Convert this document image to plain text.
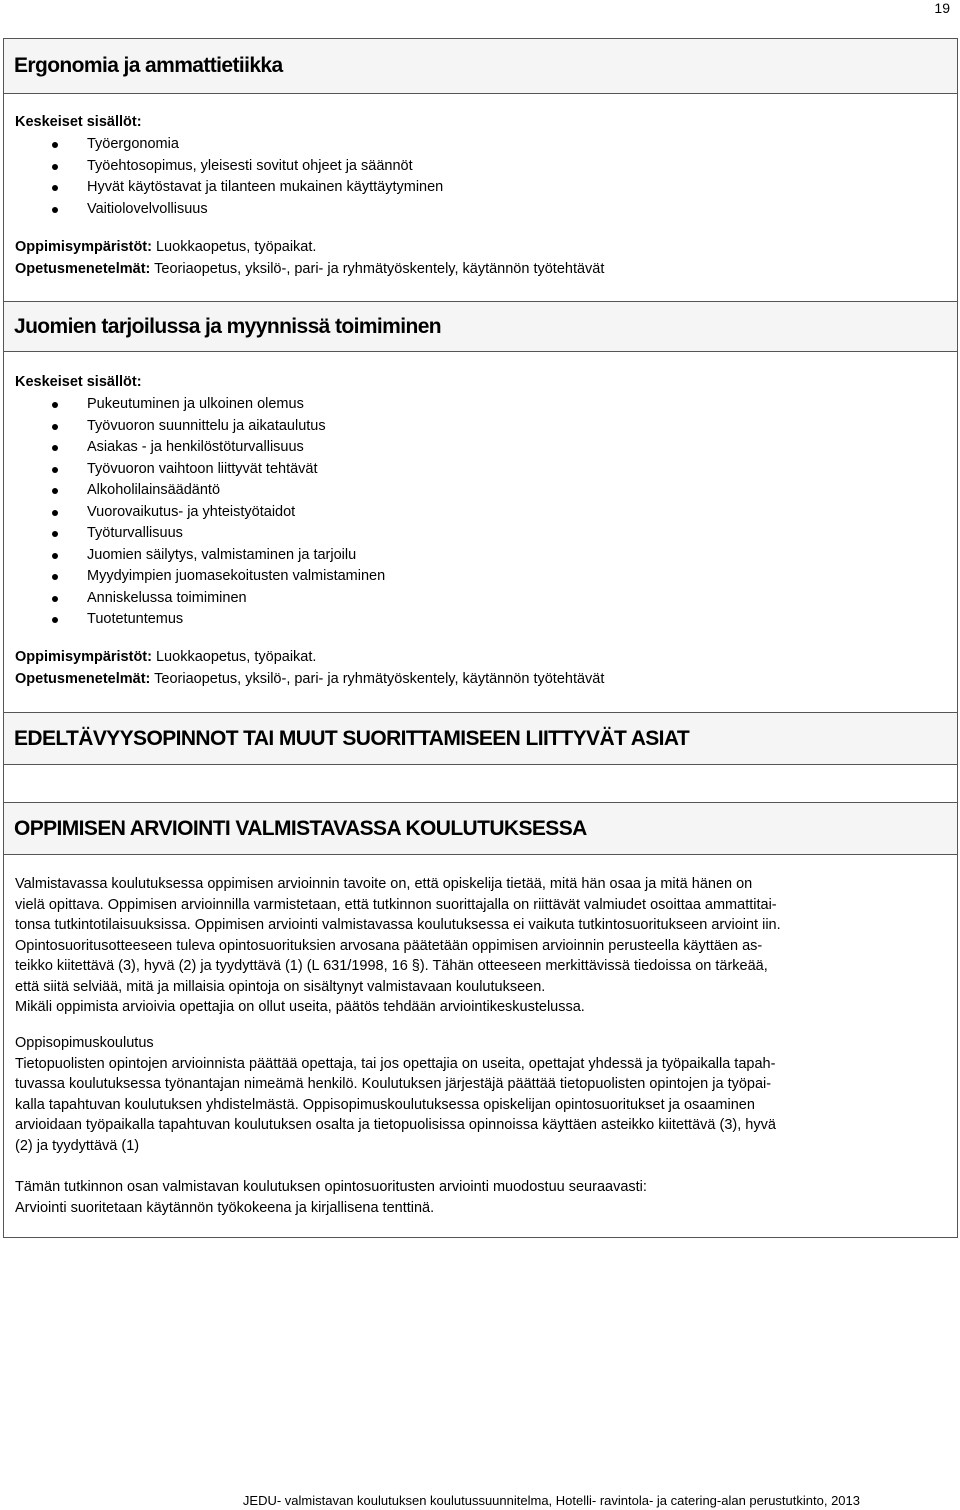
19
Ergonomia ja ammattietiikka
Keskeiset sisällöt:
Työergonomia
Työehtosopimus, yleisesti sovitut ohjeet ja säännöt
Hyvät käytöstavat ja tilanteen mukainen käyttäytyminen
Vaitiolovelvollisuus
Oppimisympäristöt: Luokkaopetus, työpaikat.
Opetusmenetelmät: Teoriaopetus, yksilö-, pari- ja ryhmätyöskentely, käytännön työtehtävät
Juomien tarjoilussa ja myynnissä toimiminen
Keskeiset sisällöt:
Pukeutuminen ja ulkoinen olemus
Työvuoron suunnittelu ja aikataulutus
Asiakas - ja henkilöstöturvallisuus
Työvuoron vaihtoon liittyvät tehtävät
Alkoholilainsäädäntö
Vuorovaikutus- ja yhteistyötaidot
Työturvallisuus
Juomien säilytys, valmistaminen ja tarjoilu
Myydyimpien juomasekoitusten valmistaminen
Anniskelussa toimiminen
Tuotetuntemus
Oppimisympäristöt: Luokkaopetus, työpaikat.
Opetusmenetelmät: Teoriaopetus, yksilö-, pari- ja ryhmätyöskentely, käytännön työtehtävät
EDELTÄVYYSOPINNOT TAI MUUT SUORITTAMISEEN LIITTYVÄT ASIAT
OPPIMISEN ARVIOINTI VALMISTAVASSA KOULUTUKSESSA
Valmistavassa koulutuksessa oppimisen arvioinnin tavoite on, että opiskelija tietää, mitä hän osaa ja mitä hänen on
vielä opittava. Oppimisen arvioinnilla varmistetaan, että tutkinnon suorittajalla on riittävät valmiudet osoittaa ammattitai-
tonsa tutkintotilaisuuksissa. Oppimisen arviointi valmistavassa koulutuksessa ei vaikuta tutkintosuoritukseen arvioint iin.
Opintosuoritusotteeseen tuleva opintosuorituksien arvosana päätetään oppimisen arvioinnin perusteella käyttäen as-
teikko kiitettävä (3), hyvä (2) ja tyydyttävä (1) (L 631/1998, 16 §). Tähän otteeseen merkittävissä tiedoissa on tärkeää,
että siitä selviää, mitä ja millaisia opintoja on sisältynyt valmistavaan koulutukseen.
Mikäli oppimista arvioivia opettajia on ollut useita, päätös tehdään arviointikeskustelussa.
Oppisopimuskoulutus
Tietopuolisten opintojen arvioinnista päättää opettaja, tai jos opettajia on useita, opettajat yhdessä ja työpaikalla tapah-
tuvassa koulutuksessa työnantajan nimeämä henkilö. Koulutuksen järjestäjä päättää tietopuolisten opintojen ja työpai-
kalla tapahtuvan koulutuksen yhdistelmästä. Oppisopimuskoulutuksessa opiskelijan opintosuoritukset ja osaaminen
arvioidaan työpaikalla tapahtuvan koulutuksen osalta ja tietopuolisissa opinnoissa käyttäen asteikko kiitettävä (3), hyvä
(2) ja tyydyttävä (1)
Tämän tutkinnon osan valmistavan koulutuksen opintosuoritusten arviointi muodostuu seuraavasti:
Arviointi suoritetaan käytännön työkokeena ja kirjallisena tenttinä.
JEDU- valmistavan koulutuksen koulutussuunnitelma, Hotelli- ravintola- ja catering-alan perustutkinto, 2013
